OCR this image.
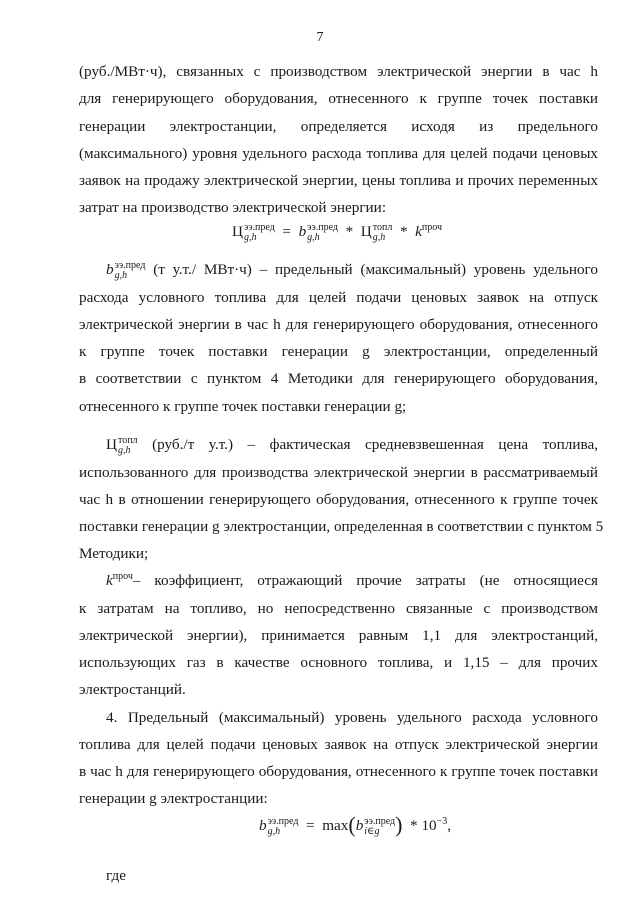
7
(руб./МВт·ч), связанных с производством электрической энергии в час h
для генерирующего оборудования, отнесенного к группе точек поставки
генерации электростанции, определяется исходя из предельного
(максимального) уровня удельного расхода топлива для целей подачи ценовых
заявок на продажу электрической энергии, цены топлива и прочих переменных
затрат на производство электрической энергии:
Ц ээ.пред
g,h	=  b ээ.пред
g,h	* Ц топл
$g,h * k^{проч}$
b ээ.пред
g,h	(т у.т./ МВт·ч) – предельный (максимальный) уровень удельного
расхода условного топлива для целей подачи ценовых заявок на отпуск
электрической энергии в час h для генерирующего оборудования, отнесенного
к группе точек поставки генерации g электростанции, определенный
в соответствии с пунктом 4 Методики для генерирующего оборудования,
отнесенного к группе точек поставки генерации g;
Ц топл
g,h	(руб./т у.т.) – фактическая средневзвешенная цена топлива,
использованного для производства электрической энергии в рассматриваемый
час h в отношении генерирующего оборудования, отнесенного к группе точек
поставки генерации g электростанции, определенная в соответствии с пунктом 5
Методики;
$k^{проч}-$ коэффициент, отражающий прочие затраты (не относящиеся
к затратам на топливо, но непосредственно связанные с производством
электрической энергии), принимается равным 1,1 для электростанций,
использующих газ в качестве основного топлива, и 1,15 – для прочих
электростанций.
4. Предельный (максимальный) уровень удельного расхода условного
топлива для целей подачи ценовых заявок на отпуск электрической энергии
в час h для генерирующего оборудования, отнесенного к группе точек поставки
генерации g электростанции:
b ээ.пред
g,h	= max(b ээ.пред
i∈g ) * $10^{-3}$,
где
